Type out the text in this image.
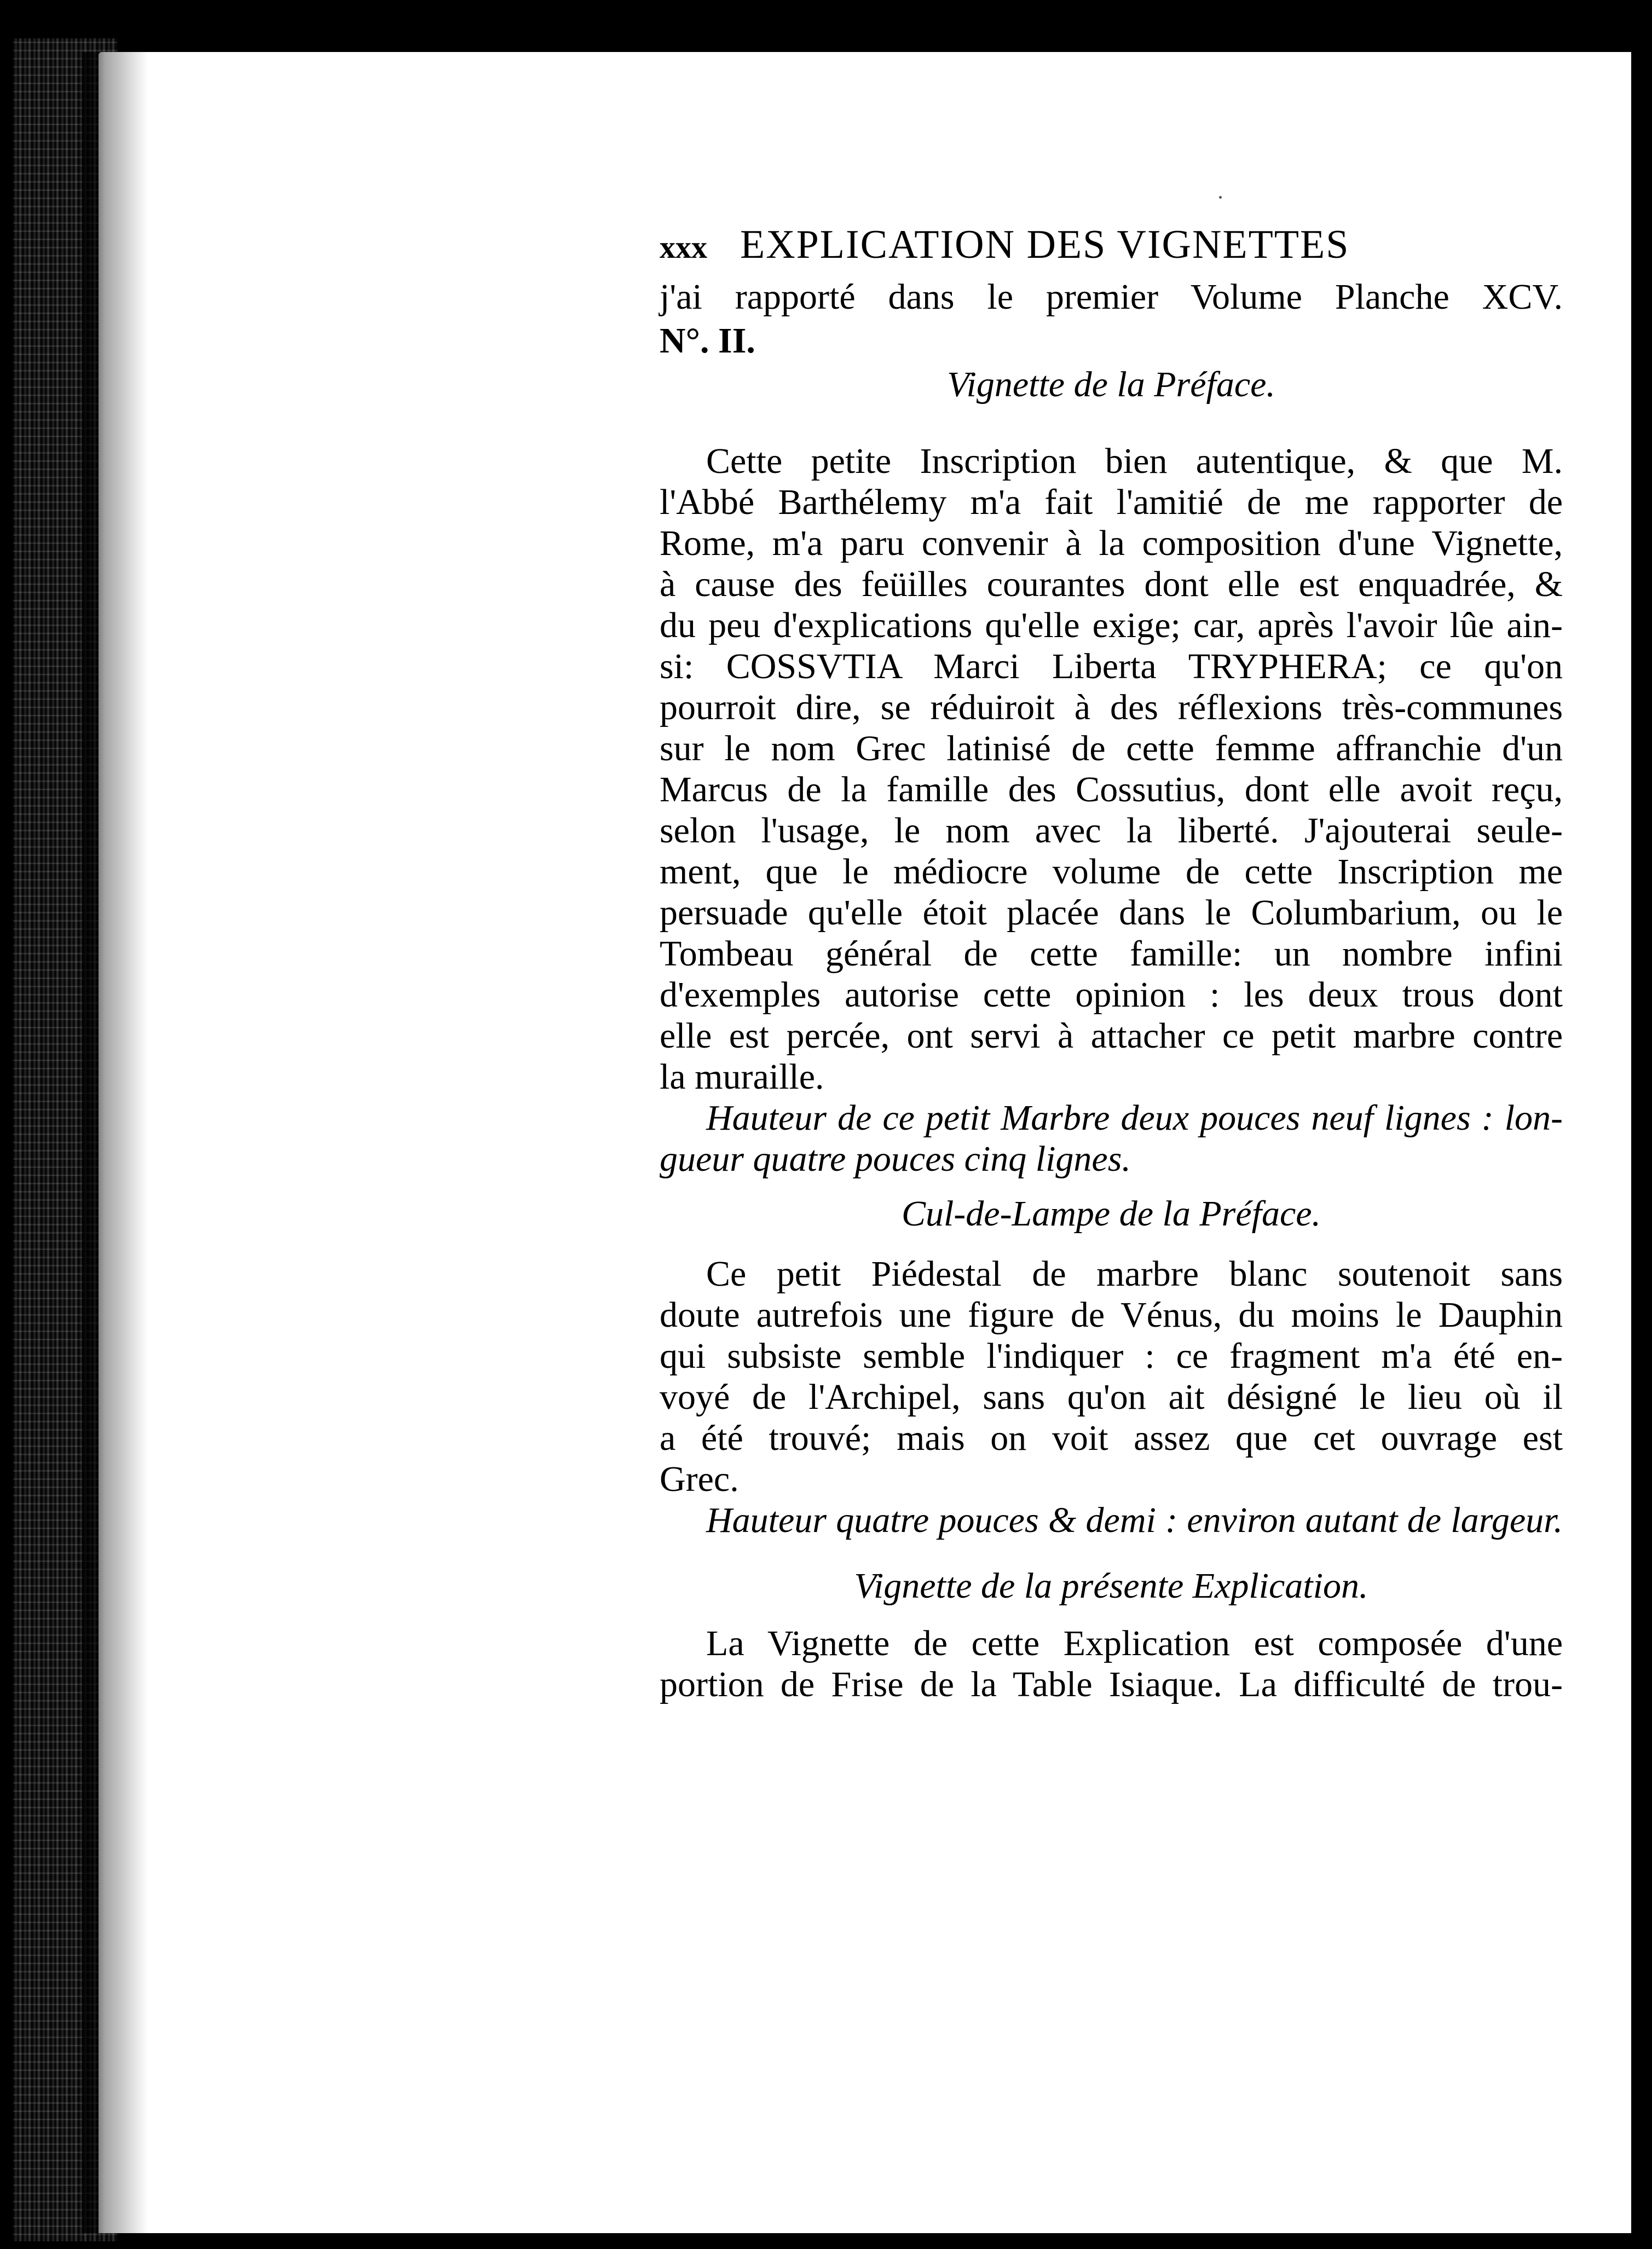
xxx EXPLICATION DES VIGNETTES
j'ai rapporté dans le premier Volume Planche XCV.
N°. II.
Vignette de la Préface.
Cette petite Inscription bien autentique, & que M.
l'Abbé Barthélemy m'a fait l'amitié de me rapporter de
Rome, m'a paru convenir à la composition d'une Vignette,
à cause des feüilles courantes dont elle est enquadrée, &
du peu d'explications qu'elle exige; car, après l'avoir lûe ain-
si: COSSVTIA Marci Liberta TRYPHERA; ce qu'on
pourroit dire, se réduiroit à des réflexions très-communes
sur le nom Grec latinisé de cette femme affranchie d'un
Marcus de la famille des Cossutius, dont elle avoit reçu,
selon l'usage, le nom avec la liberté. J'ajouterai seule-
ment, que le médiocre volume de cette Inscription me
persuade qu'elle étoit placée dans le Columbarium, ou le
Tombeau général de cette famille: un nombre infini
d'exemples autorise cette opinion : les deux trous dont
elle est percée, ont servi à attacher ce petit marbre contre
la muraille.
Hauteur de ce petit Marbre deux pouces neuf lignes : lon-
gueur quatre pouces cinq lignes.
Cul-de-Lampe de la Préface.
Ce petit Piédestal de marbre blanc soutenoit sans
doute autrefois une figure de Vénus, du moins le Dauphin
qui subsiste semble l'indiquer : ce fragment m'a été en-
voyé de l'Archipel, sans qu'on ait désigné le lieu où il
a été trouvé; mais on voit assez que cet ouvrage est
Grec.
Hauteur quatre pouces & demi : environ autant de largeur.
Vignette de la présente Explication.
La Vignette de cette Explication est composée d'une
portion de Frise de la Table Isiaque. La difficulté de trou-
